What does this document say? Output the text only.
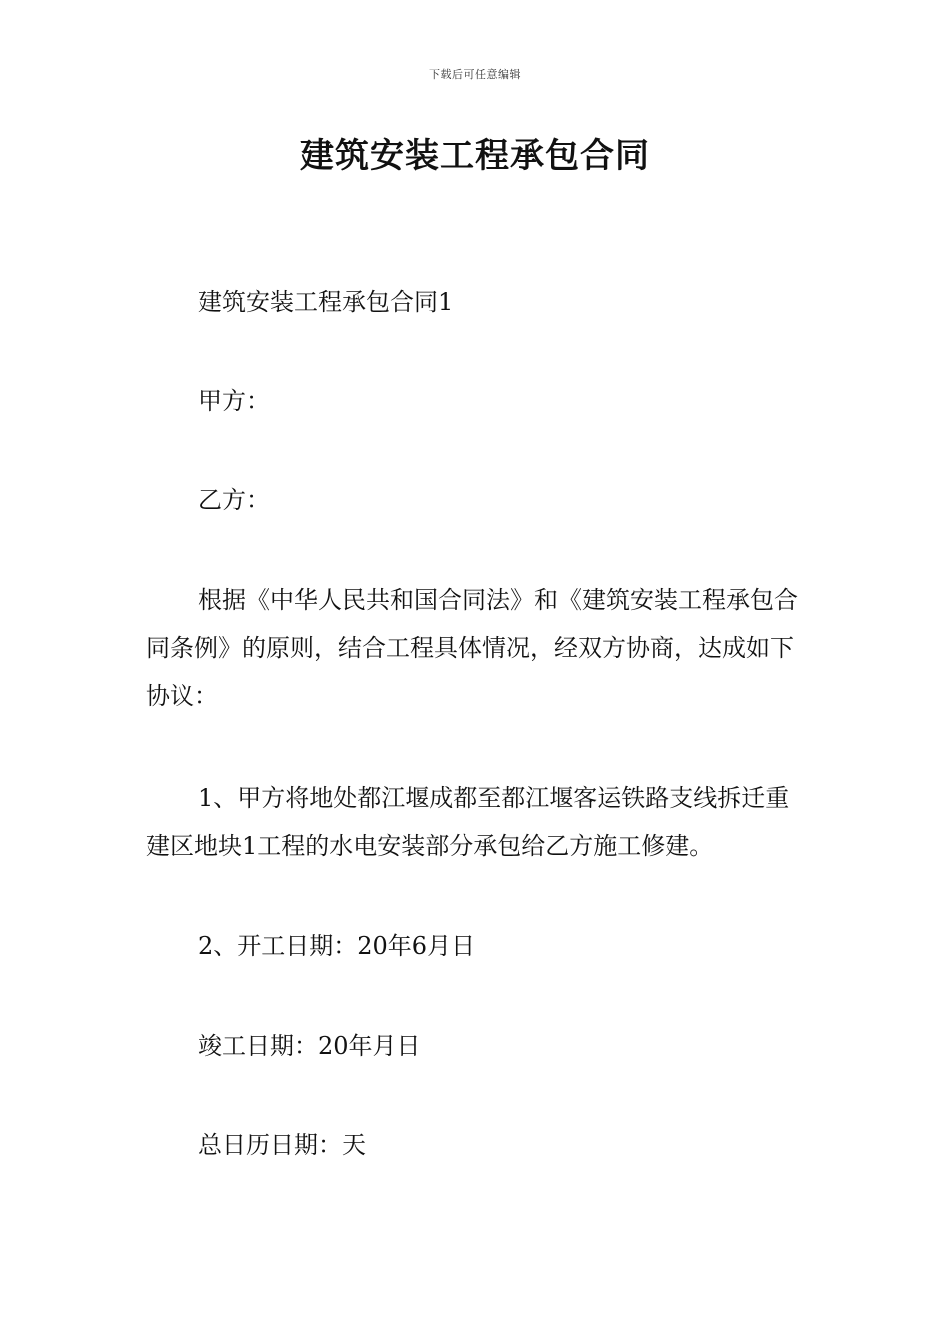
下载后可任意编辑
建筑安装工程承包合同

建筑安装工程承包合同1

甲方：

乙方：

根据《中华人民共和国合同法》和《建筑安装工程承包合同条例》的原则，结合工程具体情况，经双方协商，达成如下协议：

1、甲方将地处都江堰成都至都江堰客运铁路支线拆迁重建区地块1工程的水电安装部分承包给乙方施工修建。

2、开工日期：20年6月日

竣工日期：20年月日

总日历日期：天
